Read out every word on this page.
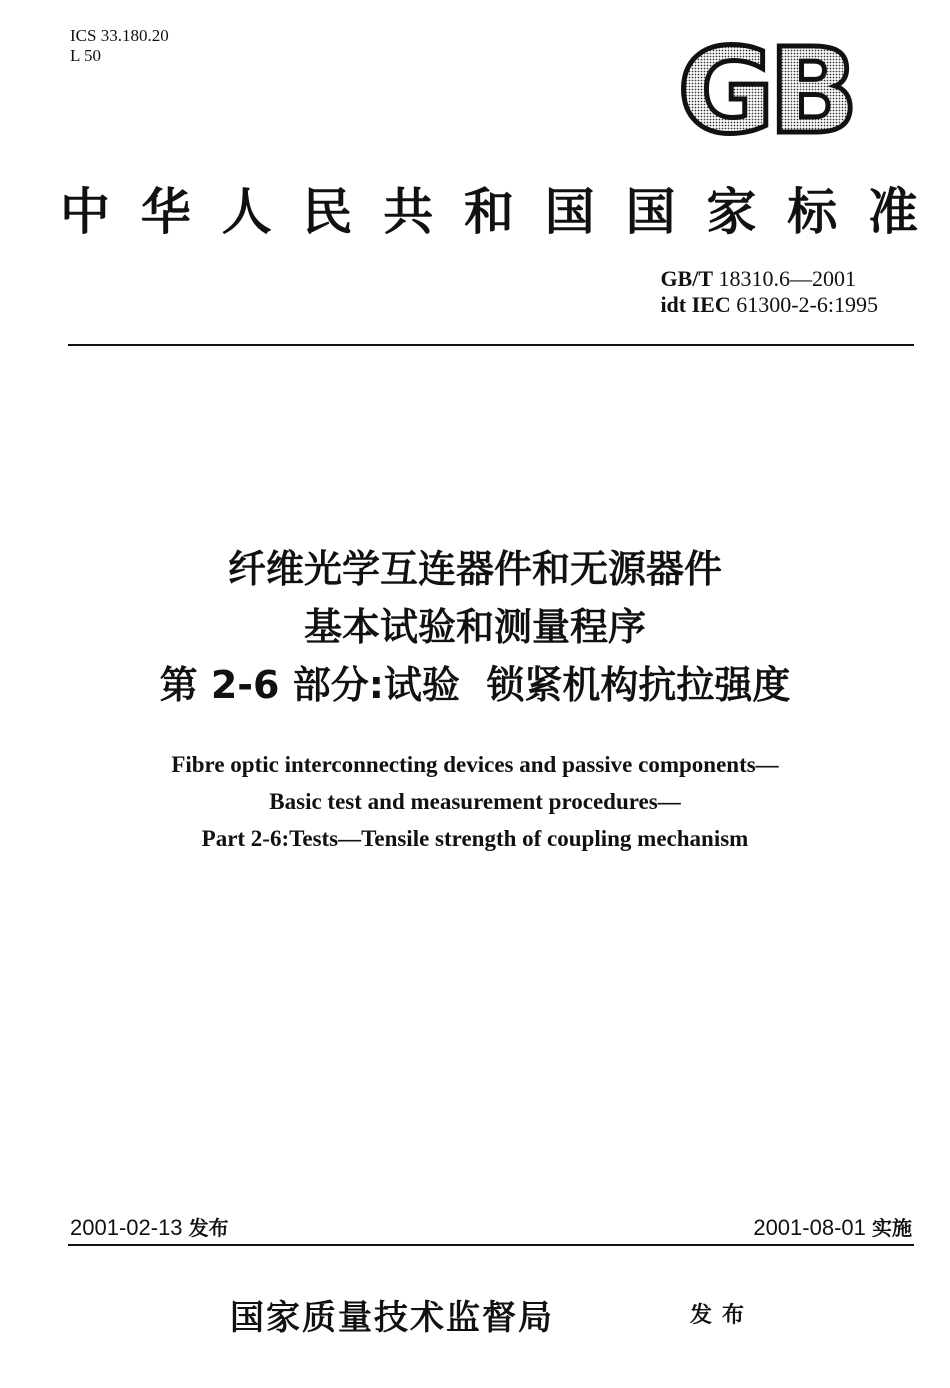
ICS 33.180.20
L 50	GB
中华人民共和国国家标准
GB/T 18310.6—2001
idt IEC 61300-2-6:1995
纤维光学互连器件和无源器件
基本试验和测量程序
第 2-6 部分:试验  锁紧机构抗拉强度
Fibre optic interconnecting devices and passive components—
Basic test and measurement procedures—
Part 2-6:Tests—Tensile strength of coupling mechanism
2001-02-13 发布	2001-08-01 实施
国家质量技术监督局	发布
